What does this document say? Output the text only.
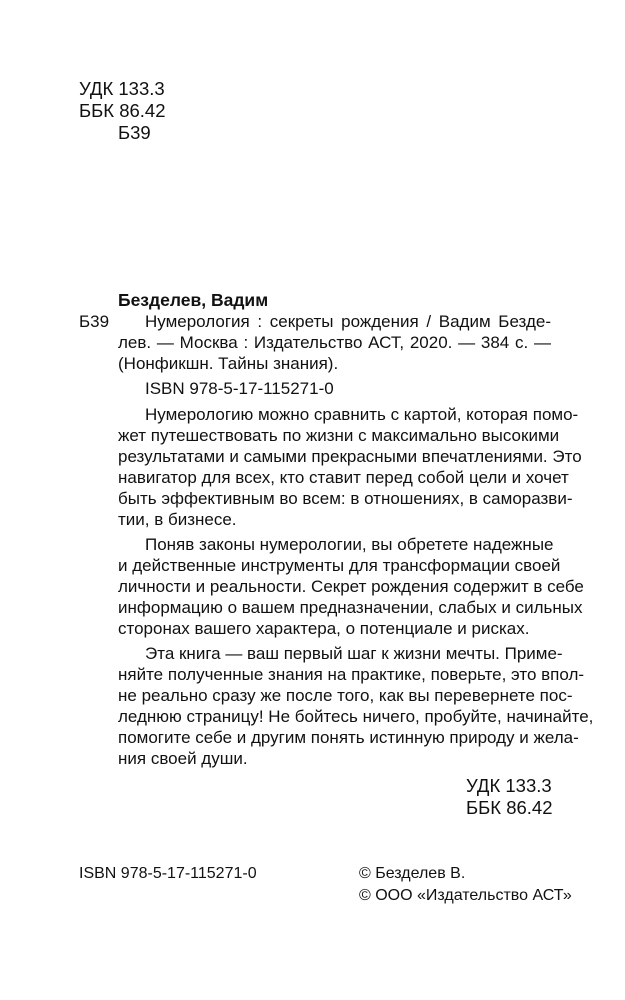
УДК 133.3
ББК 86.42
Б39
Безделев, Вадим
Б39 Нумерология : секреты рождения / Вадим Безде-
лев. — Москва : Издательство АСТ, 2020. — 384 с. —
(Нонфикшн. Тайны знания).
ISBN 978-5-17-115271-0
Нумерологию можно сравнить с картой, которая помо-
жет путешествовать по жизни с максимально высокими
результатами и самыми прекрасными впечатлениями. Это
навигатор для всех, кто ставит перед собой цели и хочет
быть эффективным во всем: в отношениях, в саморазви-
тии, в бизнесе.
Поняв законы нумерологии, вы обретете надежные
и действенные инструменты для трансформации своей
личности и реальности. Секрет рождения содержит в себе
информацию о вашем предназначении, слабых и сильных
сторонах вашего характера, о потенциале и рисках.
Эта книга — ваш первый шаг к жизни мечты. Приме-
няйте полученные знания на практике, поверьте, это впол-
не реально сразу же после того, как вы перевернете пос-
леднюю страницу! Не бойтесь ничего, пробуйте, начинайте,
помогите себе и другим понять истинную природу и жела-
ния своей души.
УДК 133.3
ББК 86.42
ISBN 978-5-17-115271-0	© Безделев В.
© ООО «Издательство АСТ»
